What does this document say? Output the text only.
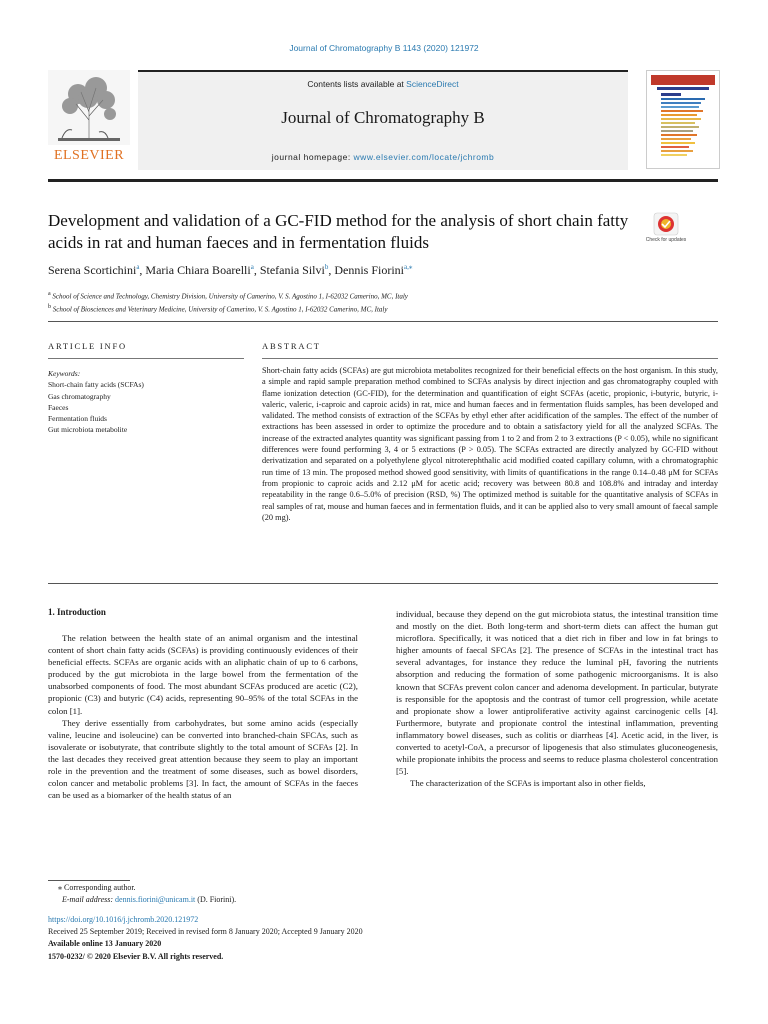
Journal of Chromatography B 1143 (2020) 121972
Contents lists available at ScienceDirect
Journal of Chromatography B
journal homepage: www.elsevier.com/locate/jchromb
ELSEVIER
Development and validation of a GC-FID method for the analysis of short chain fatty acids in rat and human faeces and in fermentation fluids	Check for updates
Serena Scortichini$^a$, Maria Chiara Boarelli$^a$, Stefania Silvi$^b$, Dennis Fiorini$^{a,⁎}$
a School of Science and Technology, Chemistry Division, University of Camerino, V. S. Agostino 1, I-62032 Camerino, MC, Italy
b School of Biosciences and Veterinary Medicine, University of Camerino, V. S. Agostino 1, I-62032 Camerino, MC, Italy
ARTICLE INFO
Keywords:
Short-chain fatty acids (SCFAs)
Gas chromatography
Faeces
Fermentation fluids
Gut microbiota metabolite
ABSTRACT
Short-chain fatty acids (SCFAs) are gut microbiota metabolites recognized for their beneficial effects on the host organism. In this study, a simple and rapid sample preparation method combined to SCFAs analysis by direct injection and gas chromatography coupled with flame ionization detection (GC-FID), for the determination and quantification of eight SCFAs (acetic, propionic, i-butyric, butyric, i-valeric, valeric, i-caproic and caproic acids) in rat, mice and human faeces and in fermentation fluids samples, has been developed and validated. The method consists of extraction of the SCFAs by ethyl ether after acidification of the samples. The effect of the number of extractions has been assessed in order to optimize the procedure and to obtain a satisfactory yield for all the analyzed SCFAs. The increase of the extracted analytes quantity was significant passing from 1 to 2 and from 2 to 3 extractions (P < 0.05), while no significant differences were found performing 3, 4 or 5 extractions (P > 0.05). The SCFAs extracted are directly analyzed by GC-FID without derivatization and separated on a polyethylene glycol nitroterephthalic acid modified coated capillary column, with a chromatographic run time of 13 min. The proposed method showed good sensitivity, with limits of quantifications in the range 0.14–0.48 μM for SCFAs from propionic to caproic acids and 2.12 μM for acetic acid; recovery was between 80.8 and 108.8% and intraday and interday repeatability in the range 0.6–5.0% of precision (RSD, %) The optimized method is suitable for the quantitative analysis of SCFAs in real samples of rat, mouse and human faeces and in fermentation fluids, and it can be applied also to very small amount of faecal sample (20 mg).
1. Introduction

The relation between the health state of an animal organism and the intestinal content of short chain fatty acids (SCFAs) is providing continuously evidences of their beneficial effects. SCFAs are organic acids with an aliphatic chain of up to 6 carbons, produced by the gut microbiota in the large bowel from the fermentation of the unabsorbed components of food. The most abundant SCFAs produced are acetic (C2), propionic (C3) and butyric (C4) acids, representing 90–95% of the total SCFAs in the colon [1].

They derive essentially from carbohydrates, but some amino acids (especially valine, leucine and isoleucine) can be converted into branched-chain SFCAs, such as isovalerate or isobutyrate, that contribute slightly to the total amount of SCFAs [2]. In the last decades they received great attention because they seem to play an important role in the prevention and the treatment of some diseases, such as bowel disorders, colon cancer and metabolic problems [3]. In fact, the amount of SCFAs in the faeces can be used as a biomarker of the health status of an

individual, because they depend on the gut microbiota status, the intestinal transition time and mostly on the diet. Both long-term and short-term diets can affect the human gut microflora. Specifically, it was noticed that a diet rich in fiber and low in fat brings to higher amounts of faecal SFCAs [2]. The presence of SCFAs in the intestinal tract has several advantages, for instance they reduce the luminal pH, favoring the nutrients absorption and reducing the formation of some pathogenic microorganisms. It is also known that SCFAs prevent colon cancer and adenoma development. In particular, butyrate is responsible for the apoptosis and the contrast of tumor cell progression, while acetate and propionate show a lower antiproliferative activity against carcinogenic cells [4]. Furthermore, butyrate and propionate control the intestinal inflammation, preventing inflammatory bowel diseases, such as colitis or diarrheas [4]. Acetic acid, in the liver, is converted to acetyl-CoA, a precursor of lipogenesis that also stimulates gluconeogenesis, while propionate inhibits the process and seems to reduce plasma cholesterol concentration [5].

The characterization of the SCFAs is important also in other fields,

⁎ Corresponding author.
E-mail address: dennis.fiorini@unicam.it (D. Fiorini).
https://doi.org/10.1016/j.jchromb.2020.121972
Received 25 September 2019; Received in revised form 8 January 2020; Accepted 9 January 2020
Available online 13 January 2020
1570-0232/ © 2020 Elsevier B.V. All rights reserved.
